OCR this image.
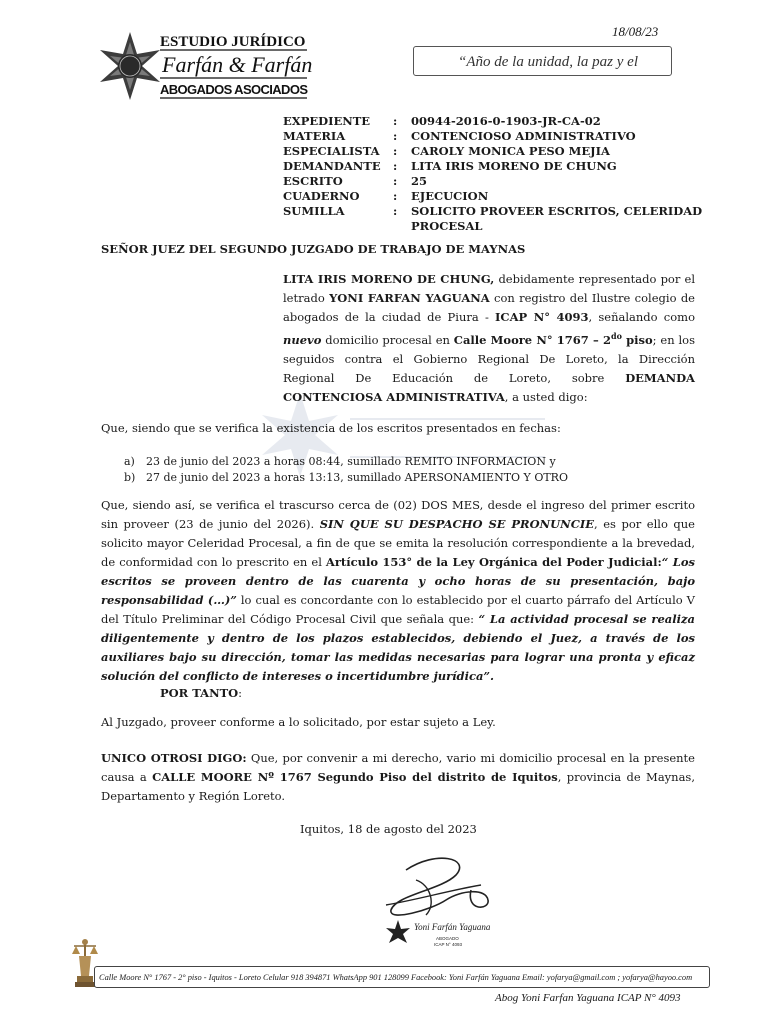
18/08/23
ESTUDIO JURÍDICO
Farfán & Farfán
ABOGADOS ASOCIADOS
“Año de la unidad, la paz y el
EXPEDIENTE	:	00944-2016-0-1903-JR-CA-02
MATERIA	:	CONTENCIOSO ADMINISTRATIVO
ESPECIALISTA	:	CAROLY MONICA PESO MEJIA
DEMANDANTE	:	LITA IRIS MORENO DE CHUNG
ESCRITO	:	25
CUADERNO	:	EJECUCION
SUMILLA	:	SOLICITO PROVEER ESCRITOS, CELERIDAD PROCESAL
SEÑOR JUEZ DEL SEGUNDO JUZGADO DE TRABAJO DE MAYNAS
LITA IRIS MORENO DE CHUNG, debidamente representado por el letrado YONI FARFAN YAGUANA con registro del Ilustre colegio de abogados de la ciudad de Piura - ICAP N° 4093, señalando como nuevo domicilio procesal en Calle Moore N° $1767 - 2^{do}$ piso; en los seguidos contra el Gobierno Regional De Loreto, la Dirección Regional De Educación de Loreto, sobre DEMANDA CONTENCIOSA ADMINISTRATIVA, a usted digo:
Que, siendo que se verifica la existencia de los escritos presentados en fechas:
a)	23 de junio del 2023 a horas 08:44, sumillado REMITO INFORMACION y
b) 27 de junio del 2023 a horas 13:13, sumillado APERSONAMIENTO Y OTRO
Que, siendo así, se verifica el trascurso cerca de (02) DOS MES, desde el ingreso del primer escrito sin proveer (23 de junio del 2026). SIN QUE SU DESPACHO SE PRONUNCIE, es por ello que solicito mayor Celeridad Procesal, a fin de que se emita la resolución correspondiente a la brevedad, de conformidad con lo prescrito en el Artículo 153° de la Ley Orgánica del Poder Judicial:“ Los escritos se proveen dentro de las cuarenta y ocho horas de su presentación, bajo responsabilidad (…)” lo cual es concordante con lo establecido por el cuarto párrafo del Artículo V del Título Preliminar del Código Procesal Civil que señala que: “ La actividad procesal se realiza diligentemente y dentro de los plazos establecidos, debiendo el Juez, a través de los auxiliares bajo su dirección, tomar las medidas necesarias para lograr una pronta y eficaz solución del conflicto de intereses o incertidumbre jurídica”.
POR TANTO:
Al Juzgado, proveer conforme a lo solicitado, por estar sujeto a Ley.
UNICO OTROSI DIGO: Que, por convenir a mi derecho, vario mi domicilio procesal en la presente causa a CALLE MOORE Nº 1767 Segundo Piso del distrito de Iquitos, provincia de Maynas, Departamento y Región Loreto.
Iquitos, 18 de agosto del 2023
Yoni Farfán Yaguana
ABOGADO
ICAP N° 4093
Calle Moore N° 1767 - 2° piso - Iquitos - Loreto Celular 918 394871 WhatsApp 901 128099 Facebook: Yoni Farfán Yaguana Email: yofarya@gmail.com ; yofarya@hayoo.com
Abog Yoni Farfan Yaguana ICAP N° 4093
